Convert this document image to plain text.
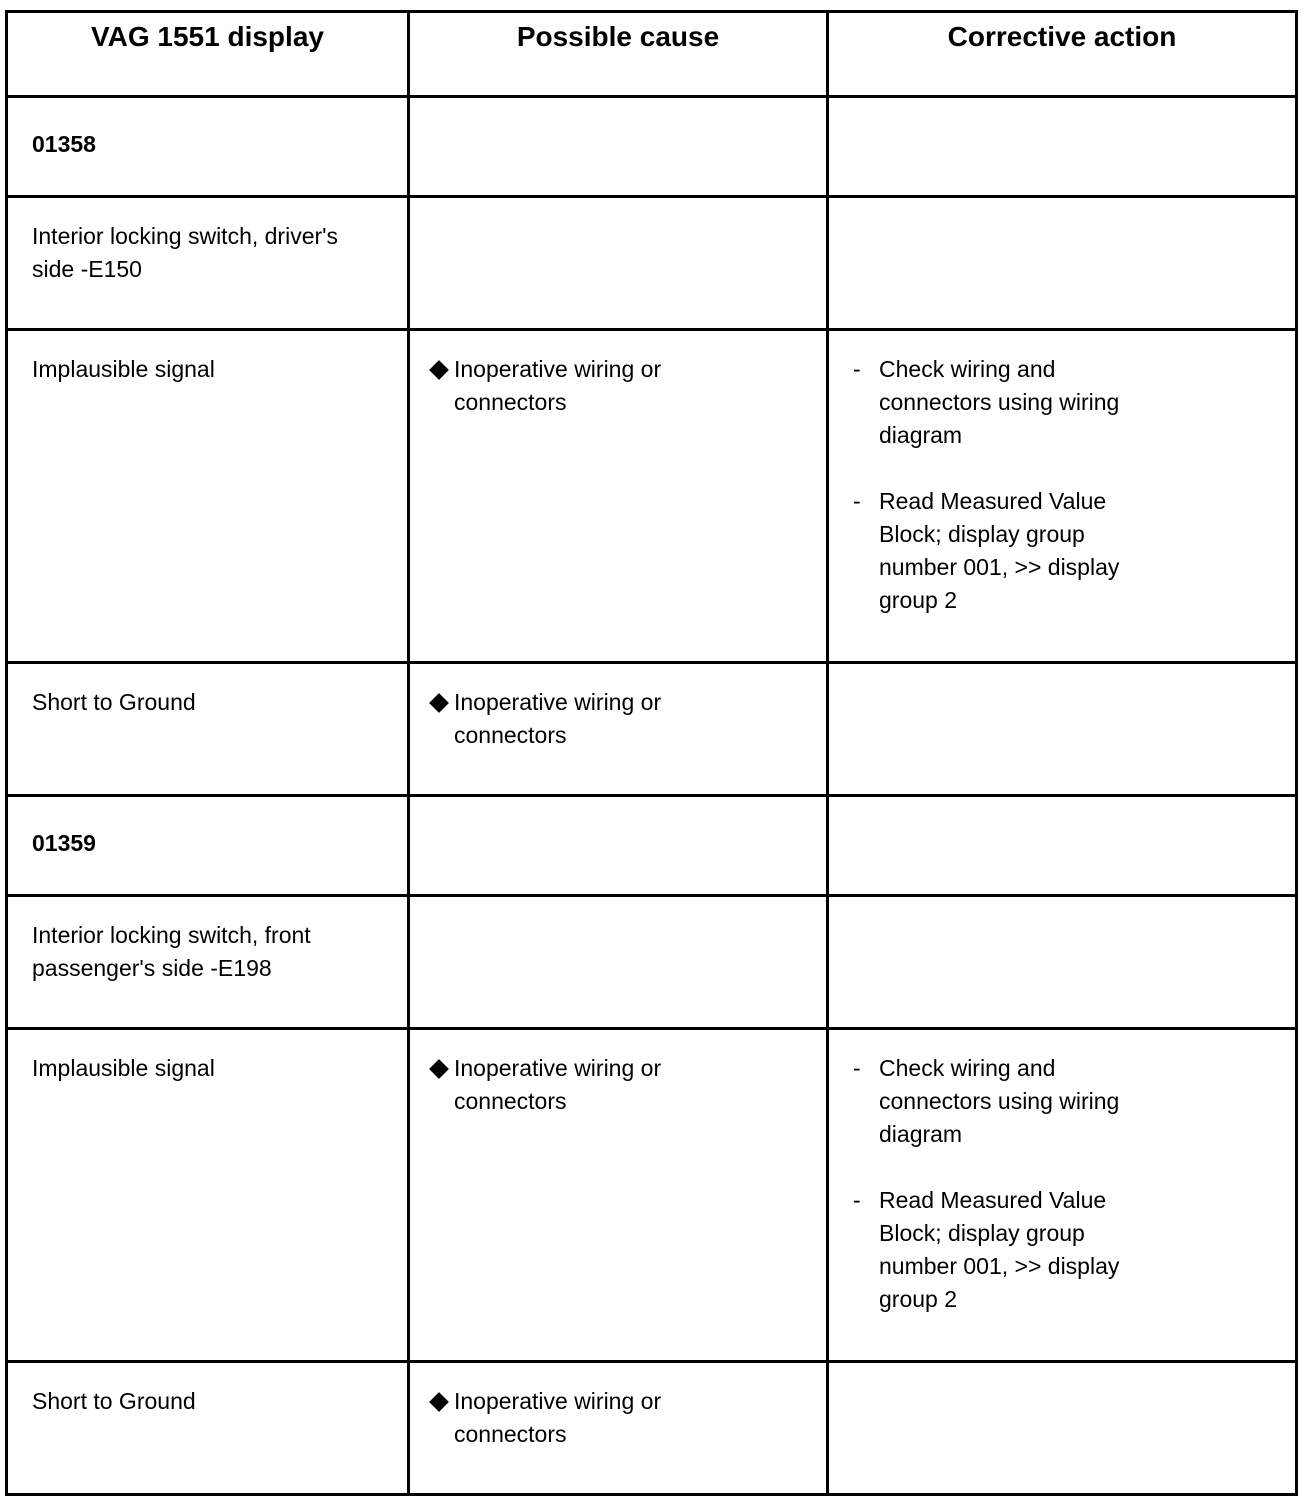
VAG 1551 display	Possible cause	Corrective action
01358		
Interior locking switch, driver's side -E150		
Implausible signal	Inoperative wiring or connectors	- Check wiring and connectors using wiring diagram
- Read Measured Value Block; display group number 001, >> display group 2

Short to Ground	Inoperative wiring or connectors	

01359		
Interior locking switch, front passenger's side -E198		
Implausible signal	Inoperative wiring or connectors	- Check wiring and connectors using wiring diagram
- Read Measured Value Block; display group number 001, >> display group 2

Short to Ground	Inoperative wiring or connectors	
